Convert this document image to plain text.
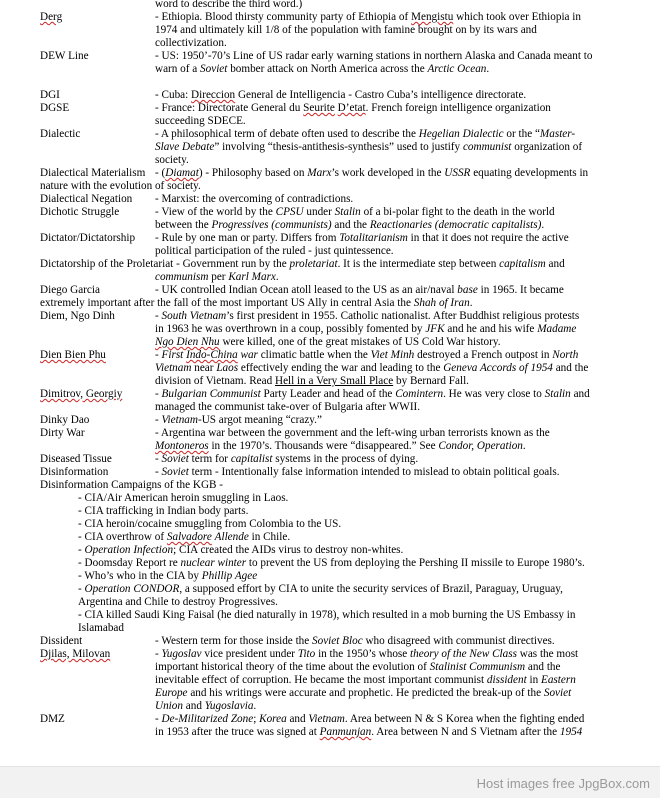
word to describe the third word.)
Derg	- Ethiopia. Blood thirsty community party of Ethiopia of Mengistu which took over Ethiopia in
1974 and ultimately kill 1/8 of the population with famine brought on by its wars and
collectivization.
DEW Line	- US: 1950’-70’s Line of US radar early warning stations in northern Alaska and Canada meant to
warn of a Soviet bomber attack on North America across the Arctic Ocean.
DGI	- Cuba: Direccion General de Intelligencia - Castro Cuba’s intelligence directorate.
DGSE	- France: Directorate General du Seurite D’etat. French foreign intelligence organization
succeeding SDECE.
Dialectic	- A philosophical term of debate often used to describe the Hegelian Dialectic or the “Master-
Slave Debate” involving “thesis-antithesis-synthesis” used to justify communist organization of
society.
Dialectical Materialism - (Diamat) - Philosophy based on Marx’s work developed in the USSR equating developments in
nature with the evolution of society.
Dialectical Negation - Marxist: the overcoming of contradictions.
Dichotic Struggle	- View of the world by the CPSU under Stalin of a bi-polar fight to the death in the world
between the Progressives (communists) and the Reactionaries (democratic capitalists).
Dictator/Dictatorship - Rule by one man or party. Differs from Totalitarianism in that it does not require the active
political participation of the ruled - just quintessence.
Dictatorship of the Proletariat - Government run by the proletariat. It is the intermediate step between capitalism and
communism per Karl Marx.
Diego Garcia	- UK controlled Indian Ocean atoll leased to the US as an air/naval base in 1965. It became
extremely important after the fall of the most important US Ally in central Asia the Shah of Iran.
Diem, Ngo Dinh	- South Vietnam’s first president in 1955. Catholic nationalist. After Buddhist religious protests
in 1963 he was overthrown in a coup, possibly fomented by JFK and he and his wife Madame
Ngo Dien Nhu were killed, one of the great mistakes of US Cold War history.
Dien Bien Phu	- First Indo-China war climatic battle when the Viet Minh destroyed a French outpost in North
Vietnam near Laos effectively ending the war and leading to the Geneva Accords of 1954 and the
division of Vietnam. Read Hell in a Very Small Place by Bernard Fall.
Dimitrov, Georgiy	- Bulgarian Communist Party Leader and head of the Comintern. He was very close to Stalin and
managed the communist take-over of Bulgaria after WWII.
Dinky Dao	- Vietnam-US argot meaning “crazy.”
Dirty War	- Argentina war between the government and the left-wing urban terrorists known as the
Montoneros in the 1970’s. Thousands were “disappeared.” See Condor, Operation.
Diseased Tissue	- Soviet term for capitalist systems in the process of dying.
Disinformation	- Soviet term - Intentionally false information intended to mislead to obtain political goals.
Disinformation Campaigns of the KGB -
- CIA/Air American heroin smuggling in Laos.
- CIA trafficking in Indian body parts.
- CIA heroin/cocaine smuggling from Colombia to the US.
- CIA overthrow of Salvadore Allende in Chile.
- Operation Infection; CIA created the AIDs virus to destroy non-whites.
- Doomsday Report re nuclear winter to prevent the US from deploying the Pershing II missile to Europe 1980’s.
- Who’s who in the CIA by Phillip Agee
- Operation CONDOR, a supposed effort by CIA to unite the security services of Brazil, Paraguay, Uruguay,
Argentina and Chile to destroy Progressives.
- CIA killed Saudi King Faisal (he died naturally in 1978), which resulted in a mob burning the US Embassy in
Islamabad
Dissident	- Western term for those inside the Soviet Bloc who disagreed with communist directives.
Djilas, Milovan	- Yugoslav vice president under Tito in the 1950’s whose theory of the New Class was the most
important historical theory of the time about the evolution of Stalinist Communism and the
inevitable effect of corruption. He became the most important communist dissident in Eastern
Europe and his writings were accurate and prophetic. He predicted the break-up of the Soviet
Union and Yugoslavia.
DMZ	- De-Militarized Zone; Korea and Vietnam. Area between N & S Korea when the fighting ended
in 1953 after the truce was signed at Panmunjan. Area between N and S Vietnam after the 1954
Host images free JpgBox.com
